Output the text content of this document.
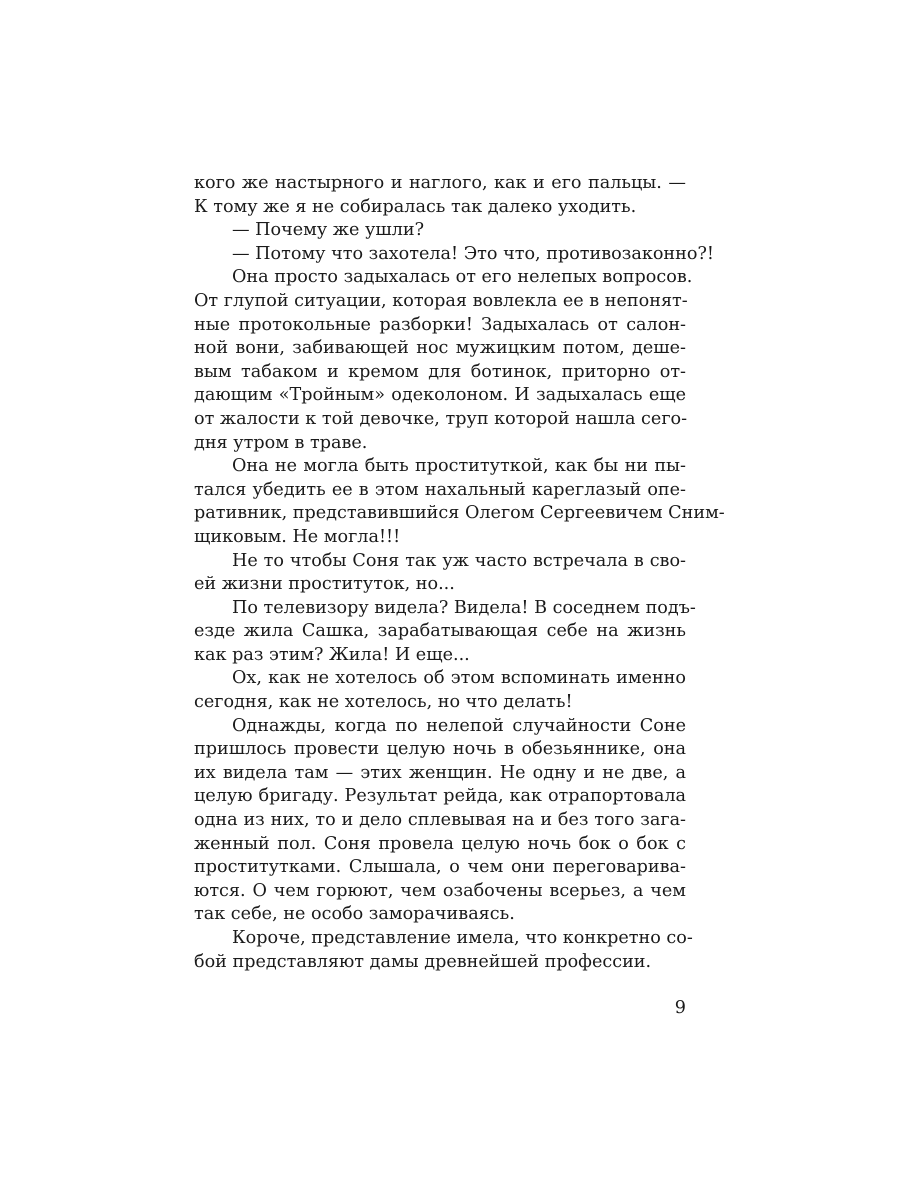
кого же настырного и наглого, как и его пальцы. —
К тому же я не собиралась так далеко уходить.
— Почему же ушли?
— Потому что захотела! Это что, противозаконно?!
Она просто задыхалась от его нелепых вопросов.
От глупой ситуации, которая вовлекла ее в непонят-
ные протокольные разборки! Задыхалась от салон-
ной вони, забивающей нос мужицким потом, деше-
вым табаком и кремом для ботинок, приторно от-
дающим «Тройным» одеколоном. И задыхалась еще
от жалости к той девочке, труп которой нашла сего-
дня утром в траве.
Она не могла быть проституткой, как бы ни пы-
тался убедить ее в этом нахальный кареглазый опе-
ративник, представившийся Олегом Сергеевичем Сним-
щиковым. Не могла!!!
Не то чтобы Соня так уж часто встречала в сво-
ей жизни проституток, но...
По телевизору видела? Видела! В соседнем подъ-
езде жила Сашка, зарабатывающая себе на жизнь
как раз этим? Жила! И еще...
Ох, как не хотелось об этом вспоминать именно
сегодня, как не хотелось, но что делать!
Однажды, когда по нелепой случайности Соне
пришлось провести целую ночь в обезьяннике, она
их видела там — этих женщин. Не одну и не две, а
целую бригаду. Результат рейда, как отрапортовала
одна из них, то и дело сплевывая на и без того зага-
женный пол. Соня провела целую ночь бок о бок с
проститутками. Слышала, о чем они переговарива-
ются. О чем горюют, чем озабочены всерьез, а чем
так себе, не особо заморачиваясь.
Короче, представление имела, что конкретно со-
бой представляют дамы древнейшей профессии.
9
